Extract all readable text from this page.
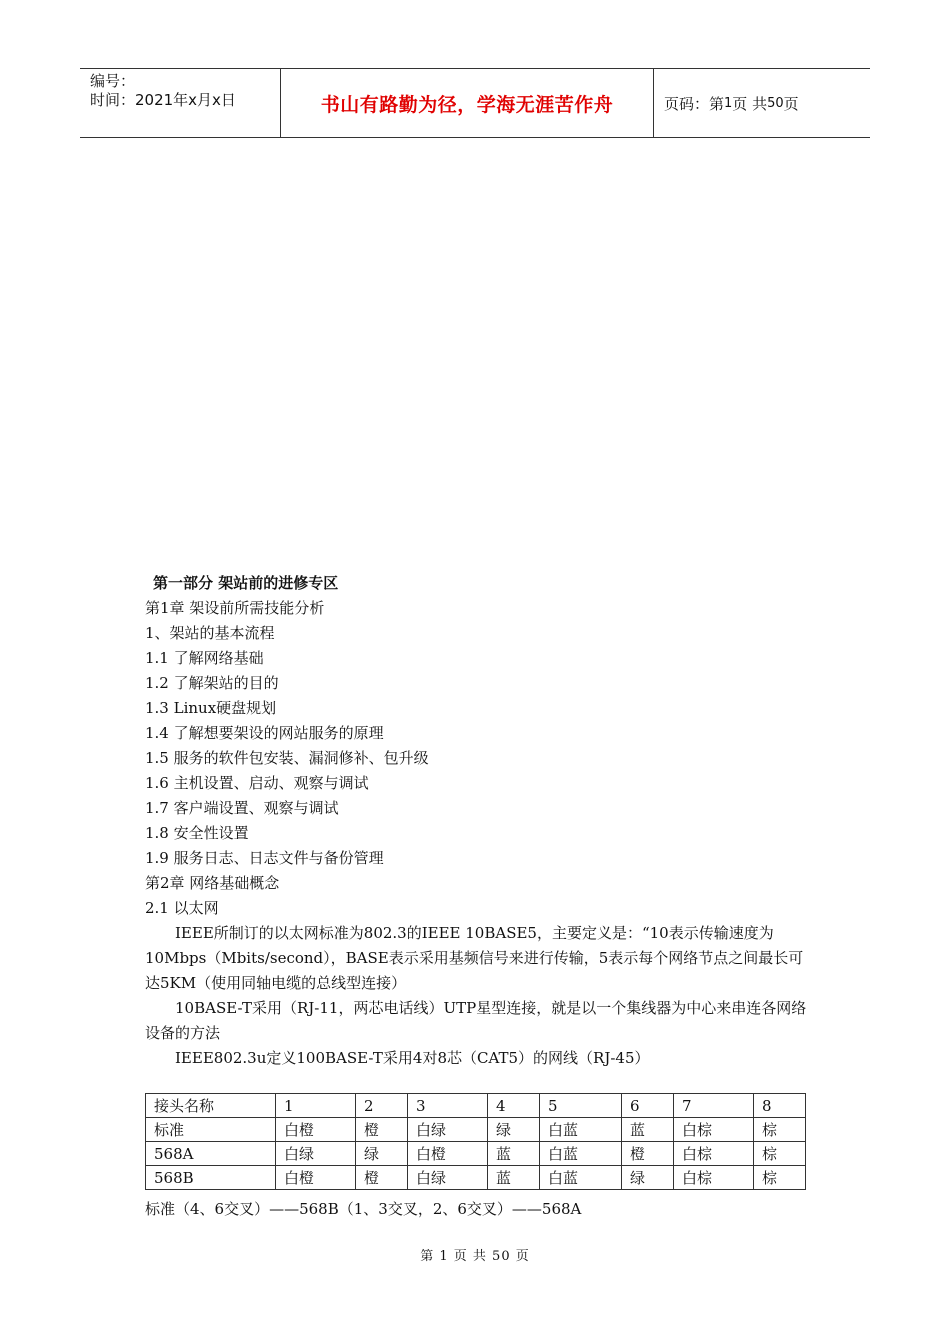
编号：
时间：2021年x月x日	书山有路勤为径，学海无涯苦作舟	页码：第 1 页 共 50 页
第一部分 架站前的进修专区
第1章 架设前所需技能分析
1、架站的基本流程
1.1 了解网络基础
1.2 了解架站的目的
1.3 Linux硬盘规划
1.4 了解想要架设的网站服务的原理
1.5 服务的软件包安装、漏洞修补、包升级
1.6 主机设置、启动、观察与调试
1.7 客户端设置、观察与调试
1.8 安全性设置
1.9 服务日志、日志文件与备份管理
第2章 网络基础概念
2.1 以太网
IEEE所制订的以太网标准为802.3的IEEE 10BASE5，主要定义是：“10表示传输速度为10Mbps（Mbits/second），BASE表示采用基频信号来进行传输，5表示每个网络节点之间最长可达5KM（使用同轴电缆的总线型连接）
10BASE-T采用（RJ-11，两芯电话线）UTP星型连接，就是以一个集线器为中心来串连各网络设备的方法
IEEE802.3u定义100BASE-T采用4对8芯（CAT5）的网线（RJ-45）
接头名称	1	2	3	4	5	6	7	8
标准	白橙	橙	白绿	绿	白蓝	蓝	白棕	棕
568A	白绿	绿	白橙	蓝	白蓝	橙	白棕	棕
568B	白橙	橙	白绿	蓝	白蓝	绿	白棕	棕
标准（4、6交叉）——568B（1、3交叉，2、6交叉）——568A
第 1 页 共 50 页
